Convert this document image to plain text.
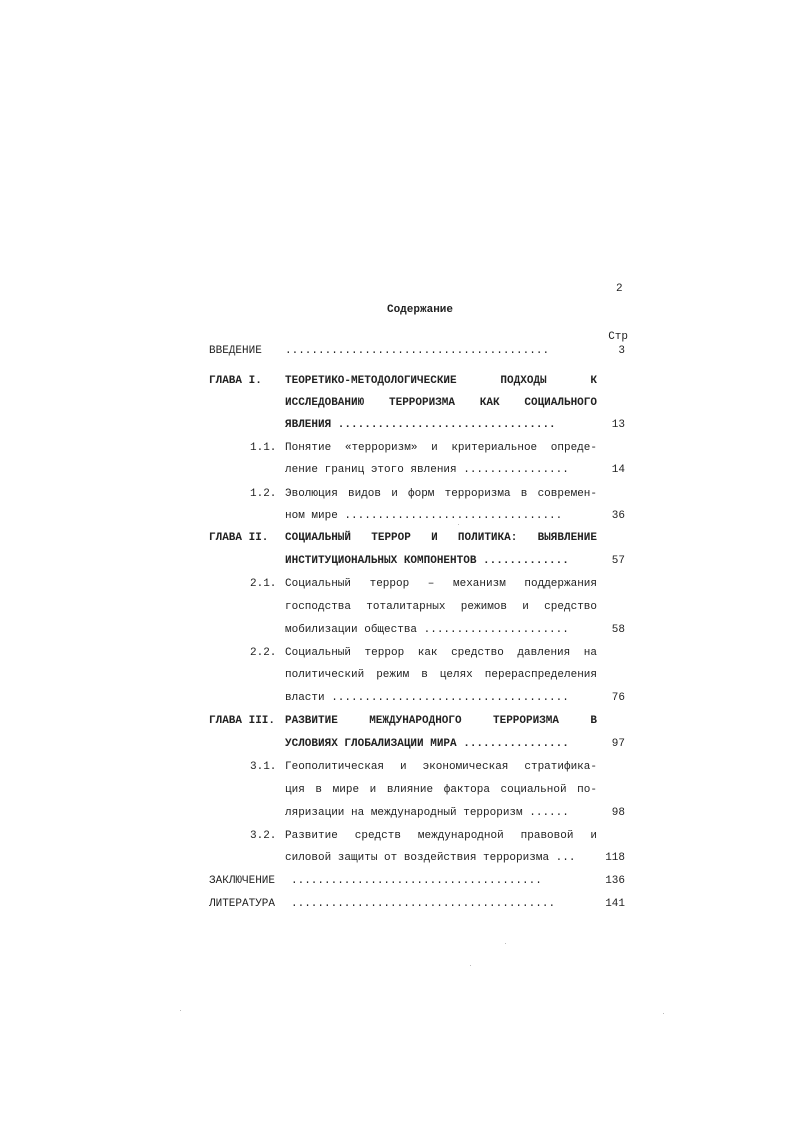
2
Содержание
Стр
ВВЕДЕНИЕ ........................................	3
ГЛАВА I. ТЕОРЕТИКО-МЕТОДОЛОГИЧЕСКИЕ ПОДХОДЫ К
ИССЛЕДОВАНИЮ ТЕРРОРИЗМА КАК СОЦИАЛЬНОГО
ЯВЛЕНИЯ .................................	13
1.1. Понятие «терроризм» и критериальное опреде-
ление границ этого явления ................	14
1.2. Эволюция видов и форм терроризма в современ-
ном мире .................................	36
ГЛАВА II. СОЦИАЛЬНЫЙ ТЕРРОР И ПОЛИТИКА: ВЫЯВЛЕНИЕ
ИНСТИТУЦИОНАЛЬНЫХ КОМПОНЕНТОВ .............	57
2.1. Социальный террор – механизм поддержания
господства тоталитарных режимов и средство
мобилизации общества ......................	58
2.2. Социальный террор как средство давления на
политический режим в целях перераспределения
власти ....................................	76
ГЛАВА III. РАЗВИТИЕ МЕЖДУНАРОДНОГО ТЕРРОРИЗМА В
УСЛОВИЯХ ГЛОБАЛИЗАЦИИ МИРА ................	97
3.1. Геополитическая и экономическая стратифика-
ция в мире и влияние фактора социальной по-
ляризации на международный терроризм ......	98
3.2. Развитие средств международной правовой и
силовой защиты от воздействия терроризма ...	118
ЗАКЛЮЧЕНИЕ ......................................	136
ЛИТЕРАТУРА ........................................	141
